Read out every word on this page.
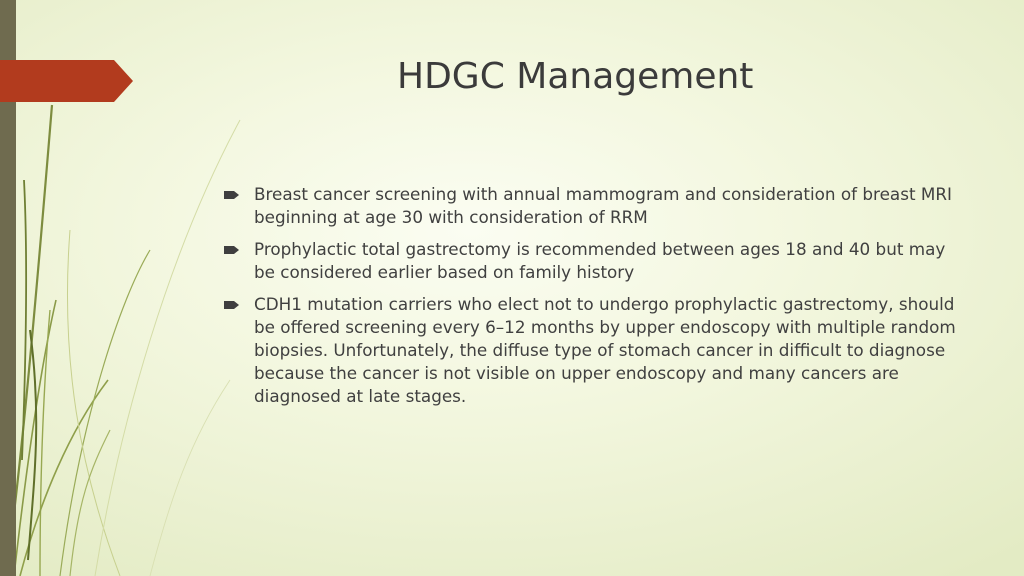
HDGC Management
Breast cancer screening with annual mammogram and consideration of breast MRI beginning at age 30 with consideration of RRM
Prophylactic total gastrectomy is recommended between ages 18 and 40 but may be considered earlier based on family history
CDH1 mutation carriers who elect not to undergo prophylactic gastrectomy, should be offered screening every 6–12 months by upper endoscopy with multiple random biopsies. Unfortunately, the diffuse type of stomach cancer in difficult to diagnose because the cancer is not visible on upper endoscopy and many cancers are diagnosed at late stages.
